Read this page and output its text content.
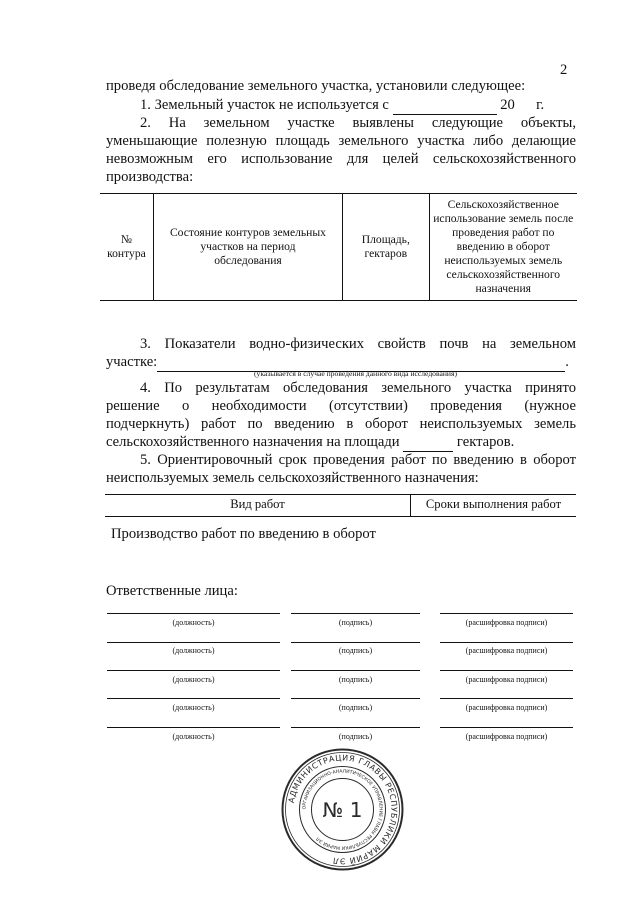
2
проведя обследование земельного участка, установили следующее:
1. Земельный участок не используется с	20 г.
2. На земельном участке выявлены следующие объекты,
уменьшающие полезную площадь земельного участка либо делающие
невозможным его использование для целей сельскохозяйственного
производства:
№ контура	Состояние контуров земельных участков на период обследования	Площадь, гектаров	Сельскохозяйственное использование земель после проведения работ по введению в оборот неиспользуемых земель сельскохозяйственного назначения
3. Показатели водно-физических свойств почв на земельном
участке:	.
(указывается в случае проведения данного вида исследования)
4. По результатам обследования земельного участка принято
решение о необходимости (отсутствии) проведения (нужное
подчеркнуть) работ по введению в оборот неиспользуемых земель
сельскохозяйственного назначения на площади	гектаров.
5. Ориентировочный срок проведения работ по введению в оборот
неиспользуемых земель сельскохозяйственного назначения:
Вид работ	Сроки выполнения работ
Производство работ по введению в оборот
Ответственные лица:
(должность)	(подпись)	(расшифровка подписи)
(должность)	(подпись)	(расшифровка подписи)
(должность)	(подпись)	(расшифровка подписи)
(должность)	(подпись)	(расшифровка подписи)
(должность)	(подпись)	(расшифровка подписи)
АДМИНИСТРАЦИЯ ГЛАВЫ РЕСПУБЛИКИ МАРИЙ ЭЛ
ОРГАНИЗАЦИОННО-АНАЛИТИЧЕСКОЕ УПРАВЛЕНИЕ ГЛАВЫ РЕСПУБЛИКИ МАРИЙ ЭЛ
№ 1
